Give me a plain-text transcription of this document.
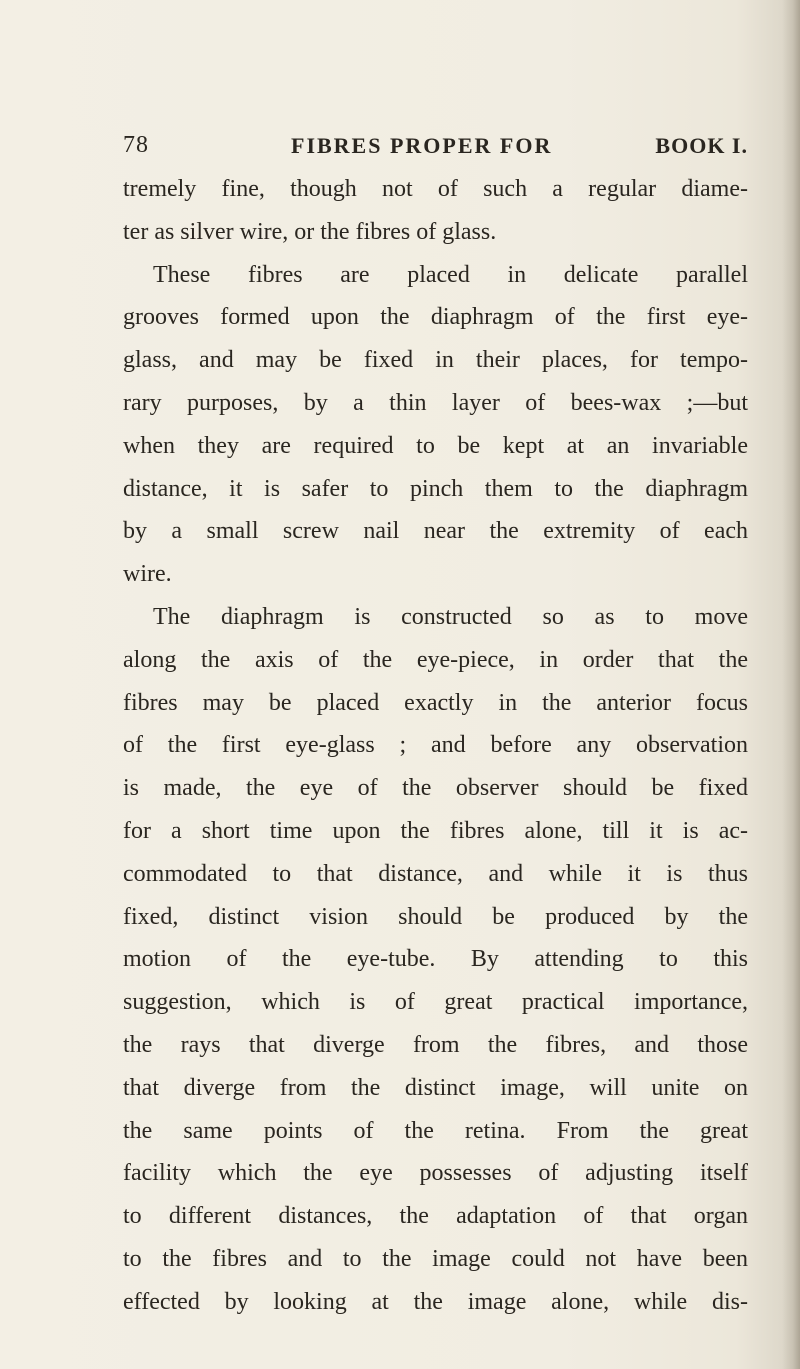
78	FIBRES PROPER FOR	BOOK I.
tremely fine, though not of such a regular diame-
ter as silver wire, or the fibres of glass.
These fibres are placed in delicate parallel
grooves formed upon the diaphragm of the first eye-
glass, and may be fixed in their places, for tempo-
rary purposes, by a thin layer of bees-wax ;—but
when they are required to be kept at an invariable
distance, it is safer to pinch them to the diaphragm
by a small screw nail near the extremity of each
wire.
The diaphragm is constructed so as to move
along the axis of the eye-piece, in order that the
fibres may be placed exactly in the anterior focus
of the first eye-glass ; and before any observation
is made, the eye of the observer should be fixed
for a short time upon the fibres alone, till it is ac-
commodated to that distance, and while it is thus
fixed, distinct vision should be produced by the
motion of the eye-tube. By attending to this
suggestion, which is of great practical importance,
the rays that diverge from the fibres, and those
that diverge from the distinct image, will unite on
the same points of the retina. From the great
facility which the eye possesses of adjusting itself
to different distances, the adaptation of that organ
to the fibres and to the image could not have been
effected by looking at the image alone, while dis-
